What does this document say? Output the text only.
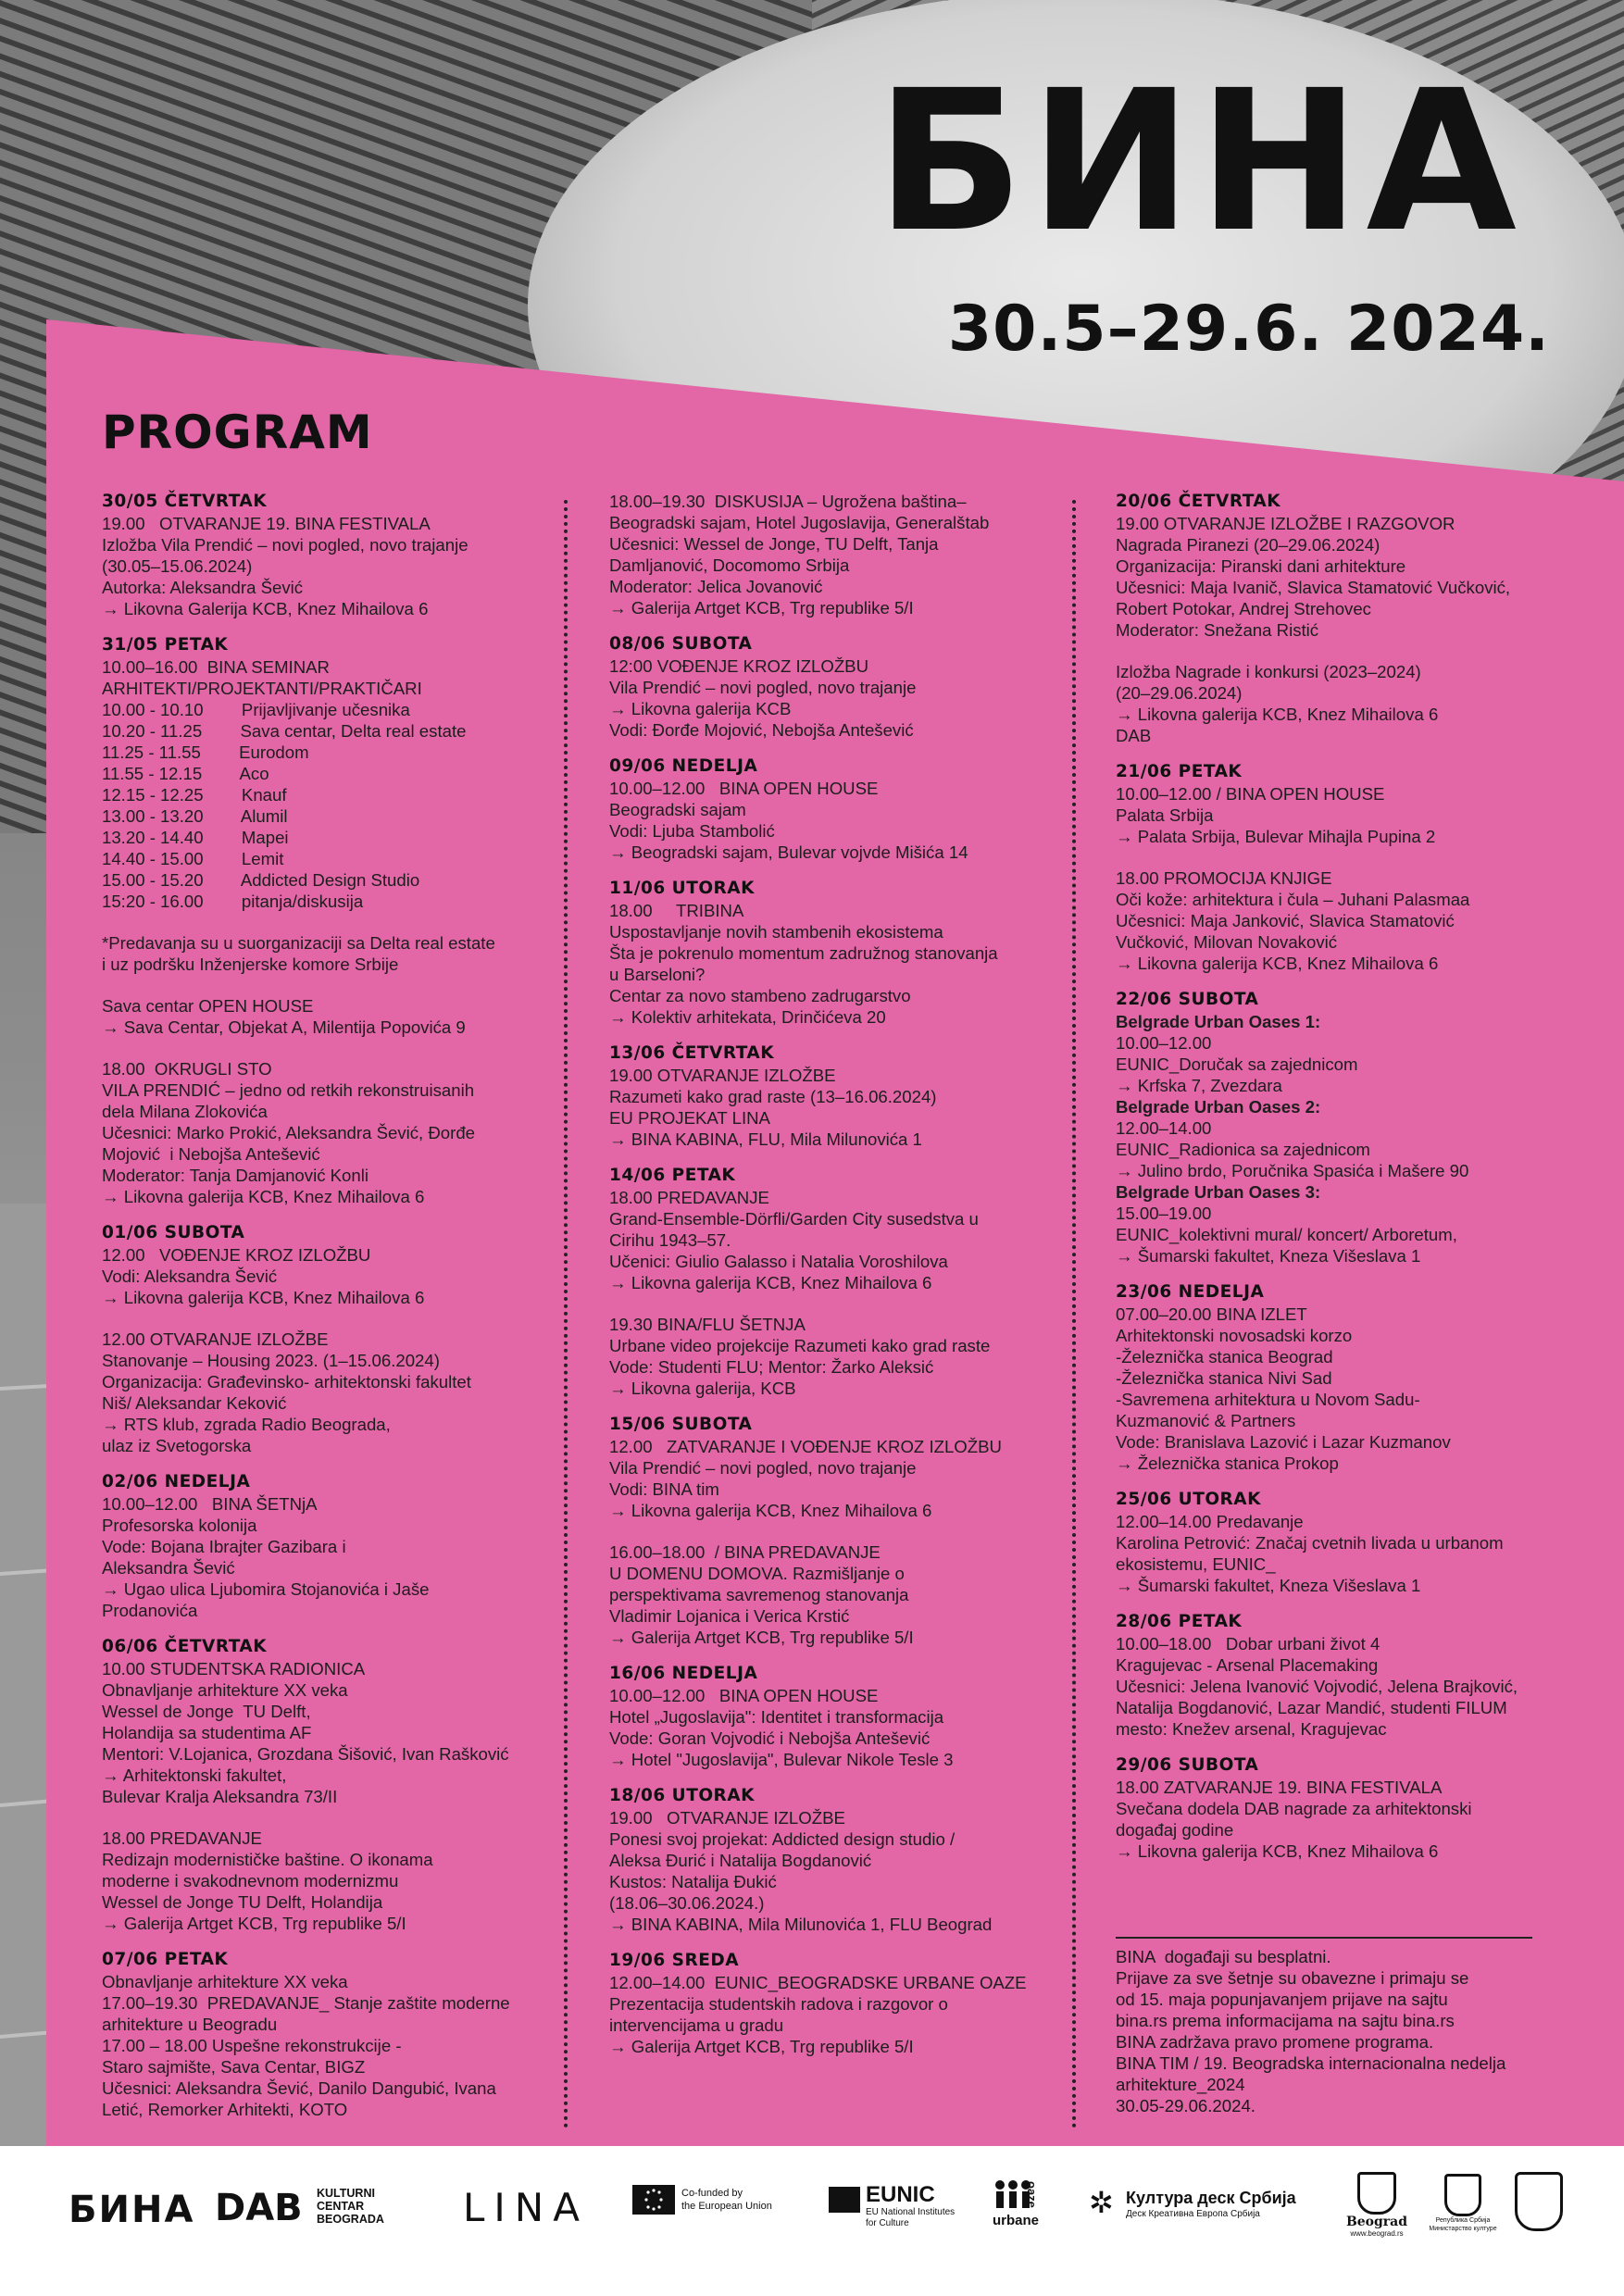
БИНА
30.5–29.6. 2024.
PROGRAM
30/05 ČETVRTAK
19.00   OTVARANJE 19. BINA FESTIVALA
Izložba Vila Prendić – novi pogled, novo trajanje
(30.05–15.06.2024)
Autorka: Aleksandra Šević
→ Likovna Galerija KCB, Knez Mihailova 6
31/05 PETAK
10.00–16.00  BINA SEMINAR
ARHITEKTI/PROJEKTANTI/PRAKTIČARI
10.00 - 10.10        Prijavljivanje učesnika
10.20 - 11.25        Sava centar, Delta real estate
11.25 - 11.55        Eurodom
11.55 - 12.15        Aco
12.15 - 12.25        Knauf
13.00 - 13.20        Alumil
13.20 - 14.40        Mapei
14.40 - 15.00        Lemit
15.00 - 15.20        Addicted Design Studio
15:20 - 16.00        pitanja/diskusija
*Predavanja su u suorganizaciji sa Delta real estate
i uz podršku Inženjerske komore Srbije
Sava centar OPEN HOUSE
→ Sava Centar, Objekat A, Milentija Popovića 9
18.00  OKRUGLI STO
VILA PRENDIĆ – jedno od retkih rekonstruisanih
dela Milana Zlokovića
Učesnici: Marko Prokić, Aleksandra Šević, Đorđe
Mojović  i Nebojša Antešević
Moderator: Tanja Damjanović Konli
→ Likovna galerija KCB, Knez Mihailova 6
01/06 SUBOTA
12.00   VOĐENJE KROZ IZLOŽBU
Vodi: Aleksandra Šević
→ Likovna galerija KCB, Knez Mihailova 6
12.00 OTVARANJE IZLOŽBE
Stanovanje – Housing 2023. (1–15.06.2024)
Organizacija: Građevinsko- arhitektonski fakultet
Niš/ Aleksandar Keković
→ RTS klub, zgrada Radio Beograda,
ulaz iz Svetogorska
02/06 NEDELJA
10.00–12.00   BINA ŠETNjA
Profesorska kolonija
Vode: Bojana Ibrajter Gazibara i
Aleksandra Šević
→ Ugao ulica Ljubomira Stojanovića i Jaše
Prodanovića
06/06 ČETVRTAK
10.00 STUDENTSKA RADIONICA
Obnavljanje arhitekture XX veka
Wessel de Jonge  TU Delft,
Holandija sa studentima AF
Mentori: V.Lojanica, Grozdana Šišović, Ivan Rašković
→ Arhitektonski fakultet,
Bulevar Kralja Aleksandra 73/II
18.00 PREDAVANJE
Redizajn modernističke baštine. O ikonama
moderne i svakodnevnom modernizmu
Wessel de Jonge TU Delft, Holandija
→ Galerija Artget KCB, Trg republike 5/I
07/06 PETAK
Obnavljanje arhitekture XX veka
17.00–19.30  PREDAVANJE_ Stanje zaštite moderne
arhitekture u Beogradu
17.00 – 18.00 Uspešne rekonstrukcije -
Staro sajmište, Sava Centar, BIGZ
Učesnici: Aleksandra Šević, Danilo Dangubić, Ivana
Letić, Remorker Arhitekti, KOTO
18.00–19.30  DISKUSIJA – Ugrožena baština–
Beogradski sajam, Hotel Jugoslavija, Generalštab
Učesnici: Wessel de Jonge, TU Delft, Tanja
Damljanović, Docomomo Srbija
Moderator: Jelica Jovanović
→ Galerija Artget KCB, Trg republike 5/I
08/06 SUBOTA
12:00 VOĐENJE KROZ IZLOŽBU
Vila Prendić – novi pogled, novo trajanje
→ Likovna galerija KCB
Vodi: Đorđe Mojović, Nebojša Antešević
09/06 NEDELJA
10.00–12.00   BINA OPEN HOUSE
Beogradski sajam
Vodi: Ljuba Stambolić
→ Beogradski sajam, Bulevar vojvde Mišića 14
11/06 UTORAK
18.00     TRIBINA
Uspostavljanje novih stambenih ekosistema
Šta je pokrenulo momentum zadružnog stanovanja
u Barseloni?
Centar za novo stambeno zadrugarstvo
→ Kolektiv arhitekata, Drinčićeva 20
13/06 ČETVRTAK
19.00 OTVARANJE IZLOŽBE
Razumeti kako grad raste (13–16.06.2024)
EU PROJEKAT LINA
→ BINA KABINA, FLU, Mila Milunovića 1
14/06 PETAK
18.00 PREDAVANJE
Grand-Ensemble-Dörfli/Garden City susedstva u
Cirihu 1943–57.
Učenici: Giulio Galasso i Natalia Voroshilova
→ Likovna galerija KCB, Knez Mihailova 6
19.30 BINA/FLU ŠETNJA
Urbane video projekcije Razumeti kako grad raste
Vode: Studenti FLU; Mentor: Žarko Aleksić
→ Likovna galerija, KCB
15/06 SUBOTA
12.00   ZATVARANJE I VOĐENJE KROZ IZLOŽBU
Vila Prendić – novi pogled, novo trajanje
Vodi: BINA tim
→ Likovna galerija KCB, Knez Mihailova 6
16.00–18.00  / BINA PREDAVANJE
U DOMENU DOMOVA. Razmišljanje o
perspektivama savremenog stanovanja
Vladimir Lojanica i Verica Krstić
→ Galerija Artget KCB, Trg republike 5/I
16/06 NEDELJA
10.00–12.00   BINA OPEN HOUSE
Hotel „Jugoslavija": Identitet i transformacija
Vode: Goran Vojvodić i Nebojša Antešević
→ Hotel "Jugoslavija", Bulevar Nikole Tesle 3
18/06 UTORAK
19.00   OTVARANJE IZLOŽBE
Ponesi svoj projekat: Addicted design studio /
Aleksa Đurić i Natalija Bogdanović
Kustos: Natalija Đukić
(18.06–30.06.2024.)
→ BINA KABINA, Mila Milunovića 1, FLU Beograd
19/06 SREDA
12.00–14.00  EUNIC_BEOGRADSKE URBANE OAZE
Prezentacija studentskih radova i razgovor o
intervencijama u gradu
→ Galerija Artget KCB, Trg republike 5/I
20/06 ČETVRTAK
19.00 OTVARANJE IZLOŽBE I RAZGOVOR
Nagrada Piranezi (20–29.06.2024)
Organizacija: Piranski dani arhitekture
Učesnici: Maja Ivanič, Slavica Stamatović Vučković,
Robert Potokar, Andrej Strehovec
Moderator: Snežana Ristić
Izložba Nagrade i konkursi (2023–2024)
(20–29.06.2024)
→ Likovna galerija KCB, Knez Mihailova 6
DAB
21/06 PETAK
10.00–12.00 / BINA OPEN HOUSE
Palata Srbija
→ Palata Srbija, Bulevar Mihajla Pupina 2
18.00 PROMOCIJA KNJIGE
Oči kože: arhitektura i čula – Juhani Palasmaa
Učesnici: Maja Janković, Slavica Stamatović
Vučković, Milovan Novaković
→ Likovna galerija KCB, Knez Mihailova 6
22/06 SUBOTA
Belgrade Urban Oases 1:
10.00–12.00
EUNIC_Doručak sa zajednicom
→ Krfska 7, Zvezdara
Belgrade Urban Oases 2:
12.00–14.00
EUNIC_Radionica sa zajednicom
→ Julino brdo, Poručnika Spasića i Mašere 90
Belgrade Urban Oases 3:
15.00–19.00
EUNIC_kolektivni mural/ koncert/ Arboretum,
→ Šumarski fakultet, Kneza Višeslava 1
23/06 NEDELJA
07.00–20.00 BINA IZLET
Arhitektonski novosadski korzo
-Železnička stanica Beograd
-Železnička stanica Nivi Sad
-Savremena arhitektura u Novom Sadu-
Kuzmanović & Partners
Vode: Branislava Lazović i Lazar Kuzmanov
→ Železnička stanica Prokop
25/06 UTORAK
12.00–14.00 Predavanje
Karolina Petrović: Značaj cvetnih livada u urbanom
ekosistemu, EUNIC_
→ Šumarski fakultet, Kneza Višeslava 1
28/06 PETAK
10.00–18.00   Dobar urbani život 4
Kragujevac - Arsenal Placemaking
Učesnici: Jelena Ivanović Vojvodić, Jelena Brajković,
Natalija Bogdanović, Lazar Mandić, studenti FILUM
mesto: Knežev arsenal, Kragujevac
29/06 SUBOTA
18.00 ZATVARANJE 19. BINA FESTIVALA
Svečana dodela DAB nagrade za arhitektonski
događaj godine
→ Likovna galerija KCB, Knez Mihailova 6
BINA  događaji su besplatni.
Prijave za sve šetnje su obavezne i primaju se
od 15. maja popunjavanjem prijave na sajtu
bina.rs prema informacijama na sajtu bina.rs
BINA zadržava pravo promene programa.
BINA TIM / 19. Beogradska internacionalna nedelja
arhitekture_2024
30.05-29.06.2024.
БИНА DAB KULTURNI
CENTAR
BEOGRADA LINA	Co-funded by
the European Union	EUNIC
EU National Institutes
for Culture	urbane
oaze ✲ Култура деск Србија
Деск Креативна Европа Србија
Beograd
www.beograd.rs
Република Србија
Министарство културе
